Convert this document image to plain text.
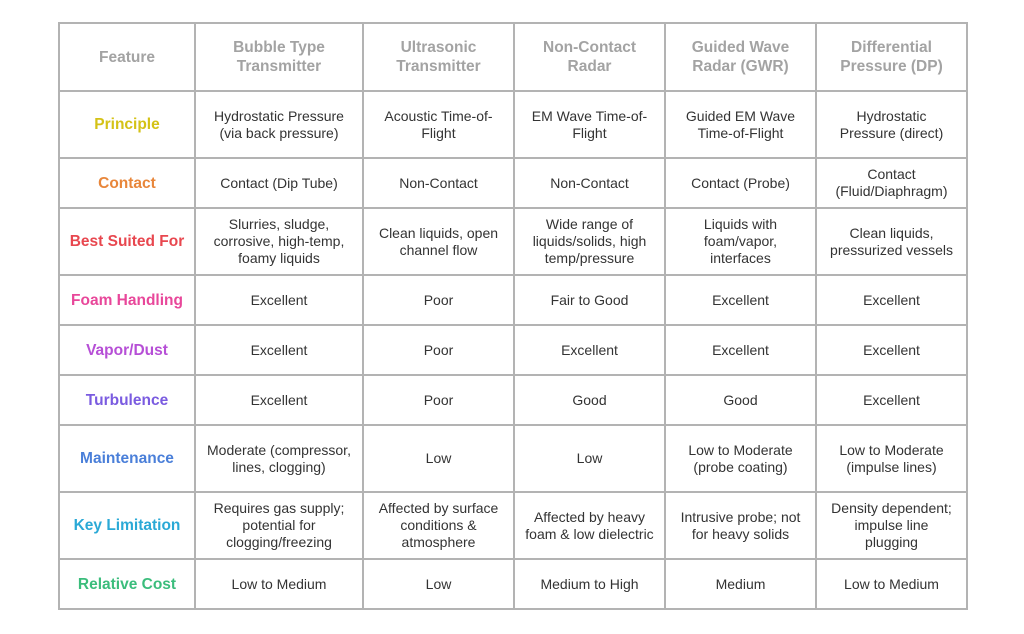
Feature	Bubble Type Transmitter	Ultrasonic Transmitter	Non-Contact Radar	Guided Wave Radar (GWR)	Differential Pressure (DP)
Principle	Hydrostatic Pressure (via back pressure)	Acoustic Time-of-Flight	EM Wave Time-of-Flight	Guided EM Wave Time-of-Flight	Hydrostatic Pressure (direct)
Contact	Contact (Dip Tube)	Non-Contact	Non-Contact	Contact (Probe)	Contact (Fluid/Diaphragm)
Best Suited For	Slurries, sludge, corrosive, high-temp, foamy liquids	Clean liquids, open channel flow	Wide range of liquids/solids, high temp/pressure	Liquids with foam/vapor, interfaces	Clean liquids, pressurized vessels
Foam Handling	Excellent	Poor	Fair to Good	Excellent	Excellent
Vapor/Dust	Excellent	Poor	Excellent	Excellent	Excellent
Turbulence	Excellent	Poor	Good	Good	Excellent
Maintenance	Moderate (compressor, lines, clogging)	Low	Low	Low to Moderate (probe coating)	Low to Moderate (impulse lines)
Key Limitation	Requires gas supply; potential for clogging/freezing	Affected by surface conditions & atmosphere	Affected by heavy foam & low dielectric	Intrusive probe; not for heavy solids	Density dependent; impulse line plugging
Relative Cost	Low to Medium	Low	Medium to High	Medium	Low to Medium
